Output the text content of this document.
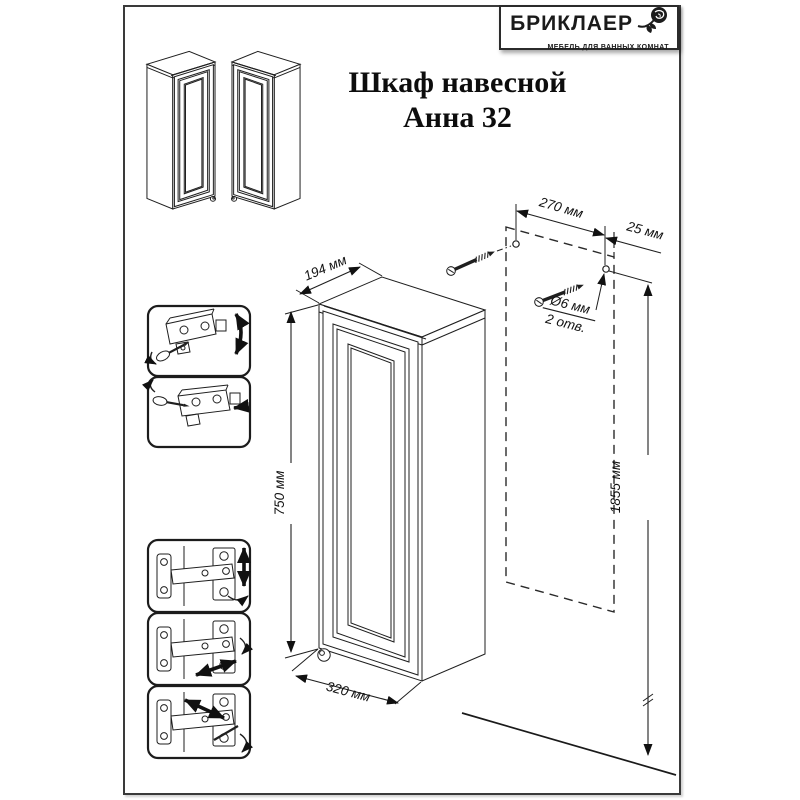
БРИКЛАЕР
МЕБЕЛЬ ДЛЯ ВАННЫХ КОМНАТ
Шкаф навесной
Анна 32
194 мм
750 мм
320 мм
270 мм
25 мм
Ø6 мм
2 отв.
1855 мм
